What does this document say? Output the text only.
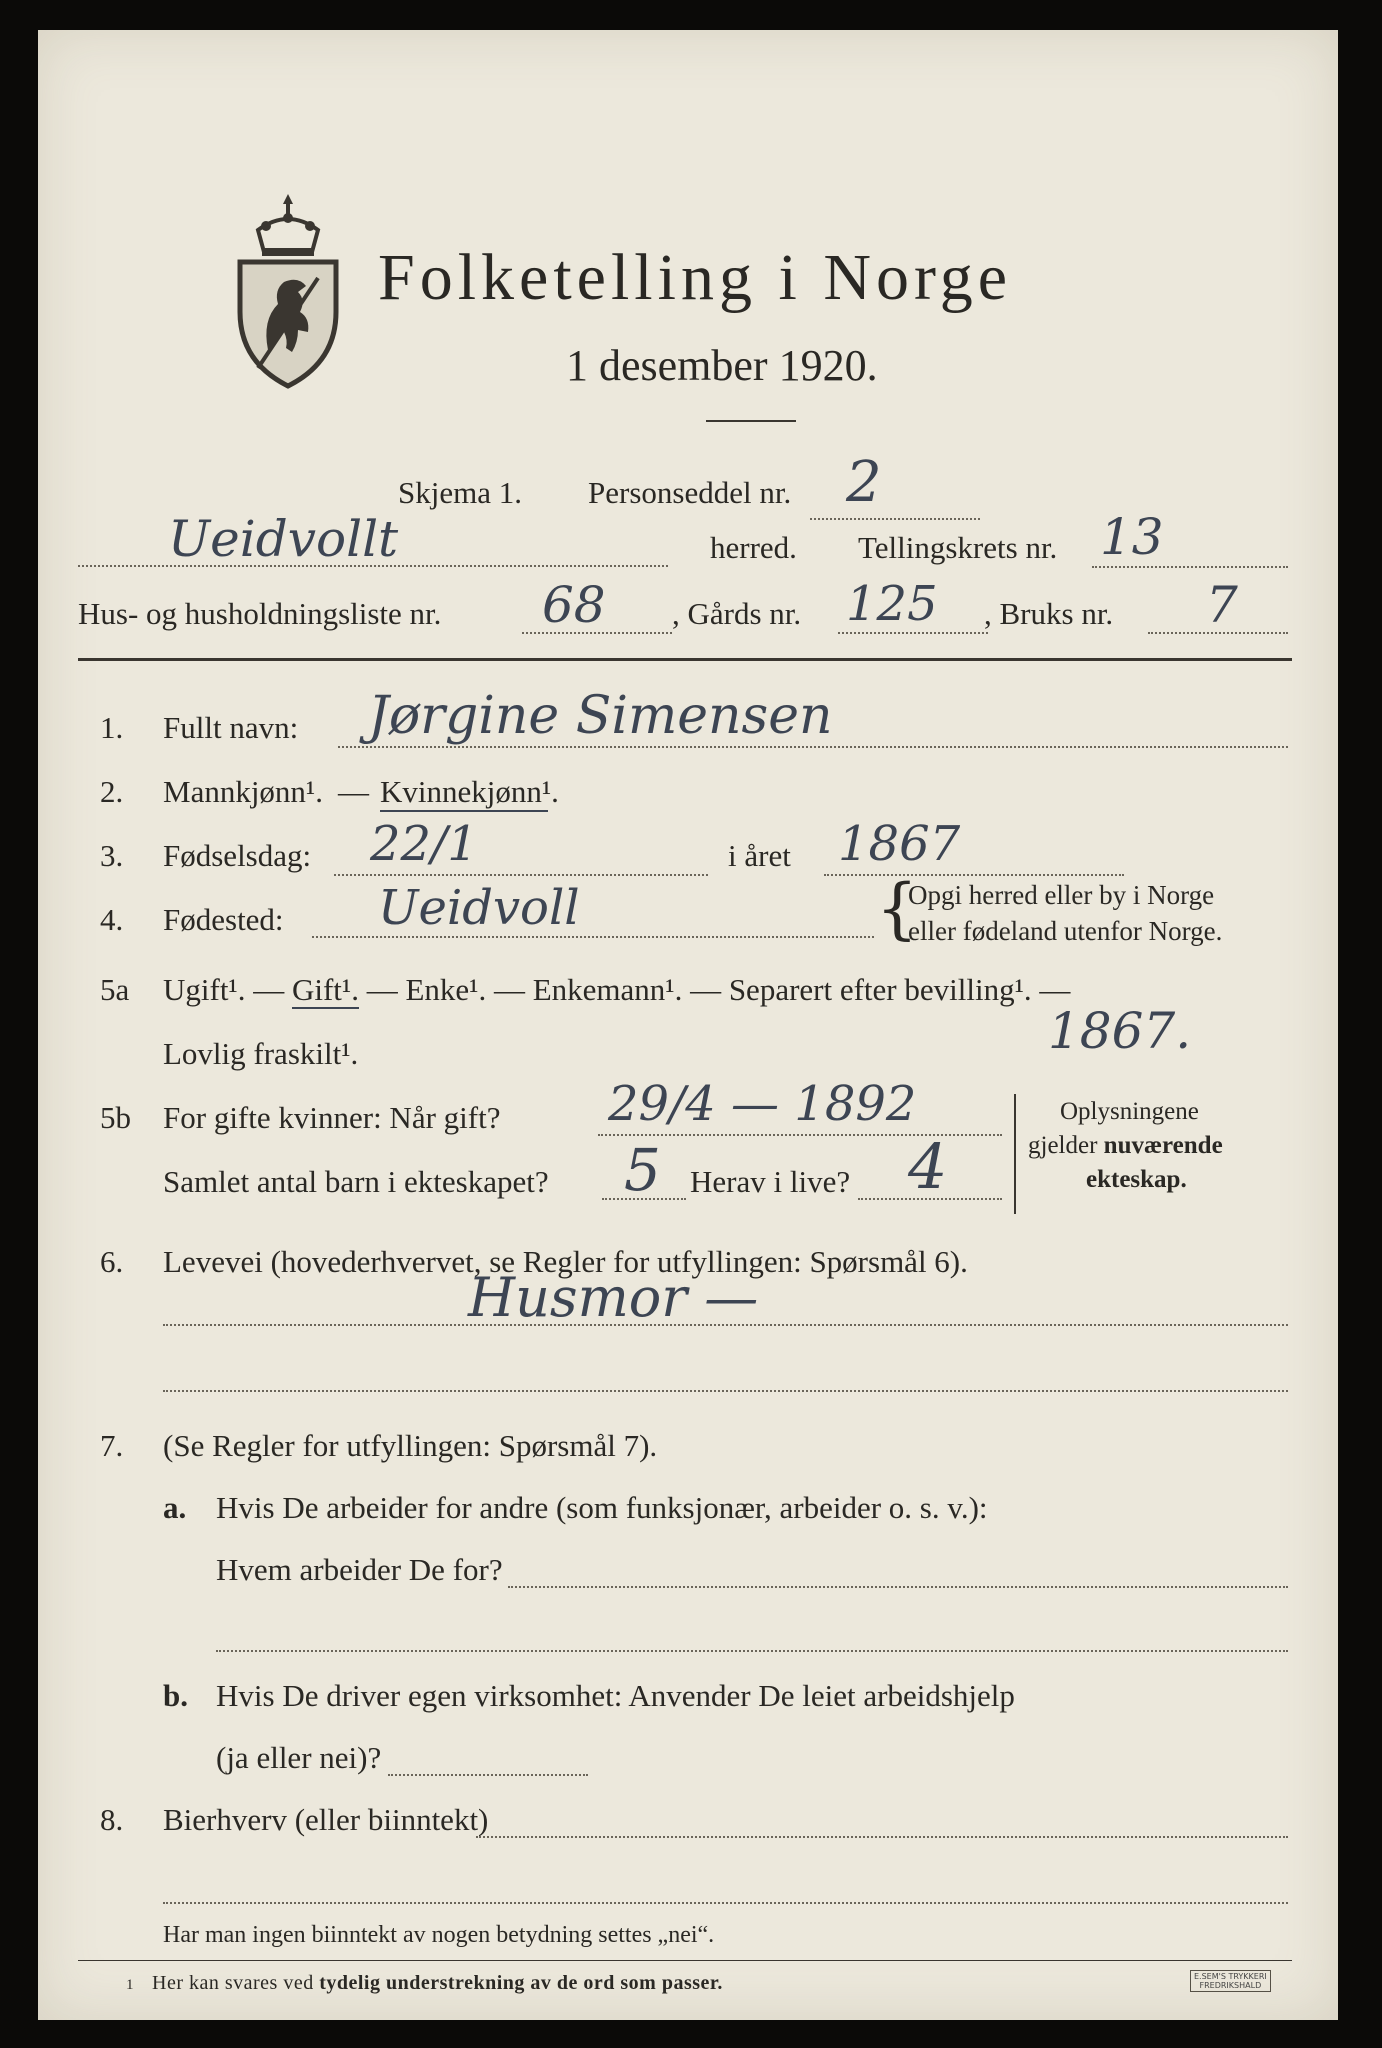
Folketelling i Norge
1 desember 1920.
Skjema 1. Personseddel nr. 2
Ueidvollt	herred. Tellingskrets nr. 13
Hus- og husholdningsliste nr. 68 , Gårds nr. 125 , Bruks nr. 7
1. Fullt navn: Jørgine Simensen
2. Mannkjønn¹. — Kvinnekjønn¹.
3. Fødselsdag: 22/1	i året 1867
4. Fødested: Ueidvoll	{
Opgi herred eller by i Norge
eller fødeland utenfor Norge.
5a Ugift¹. — Gift¹. — Enke¹. — Enkemann¹. — Separert efter bevilling¹. —
Lovlig fraskilt¹.	1867.
5b For gifte kvinner: Når gift? 29/4 — 1892
Samlet antal barn i ekteskapet? 5 Herav i live? 4
Oplysningene
gjelder nuværende
ekteskap.
6. Levevei (hovederhvervet, se Regler for utfyllingen: Spørsmål 6).
Husmor —
7. (Se Regler for utfyllingen: Spørsmål 7).
a. Hvis De arbeider for andre (som funksjonær, arbeider o. s. v.):
Hvem arbeider De for?
b. Hvis De driver egen virksomhet: Anvender De leiet arbeidshjelp
(ja eller nei)?
8. Bierhverv (eller biinntekt)
Har man ingen biinntekt av nogen betydning settes „nei“.
1 Her kan svares ved tydelig understrekning av de ord som passer.	E.SEM'S TRYKKERI
FREDRIKSHALD
